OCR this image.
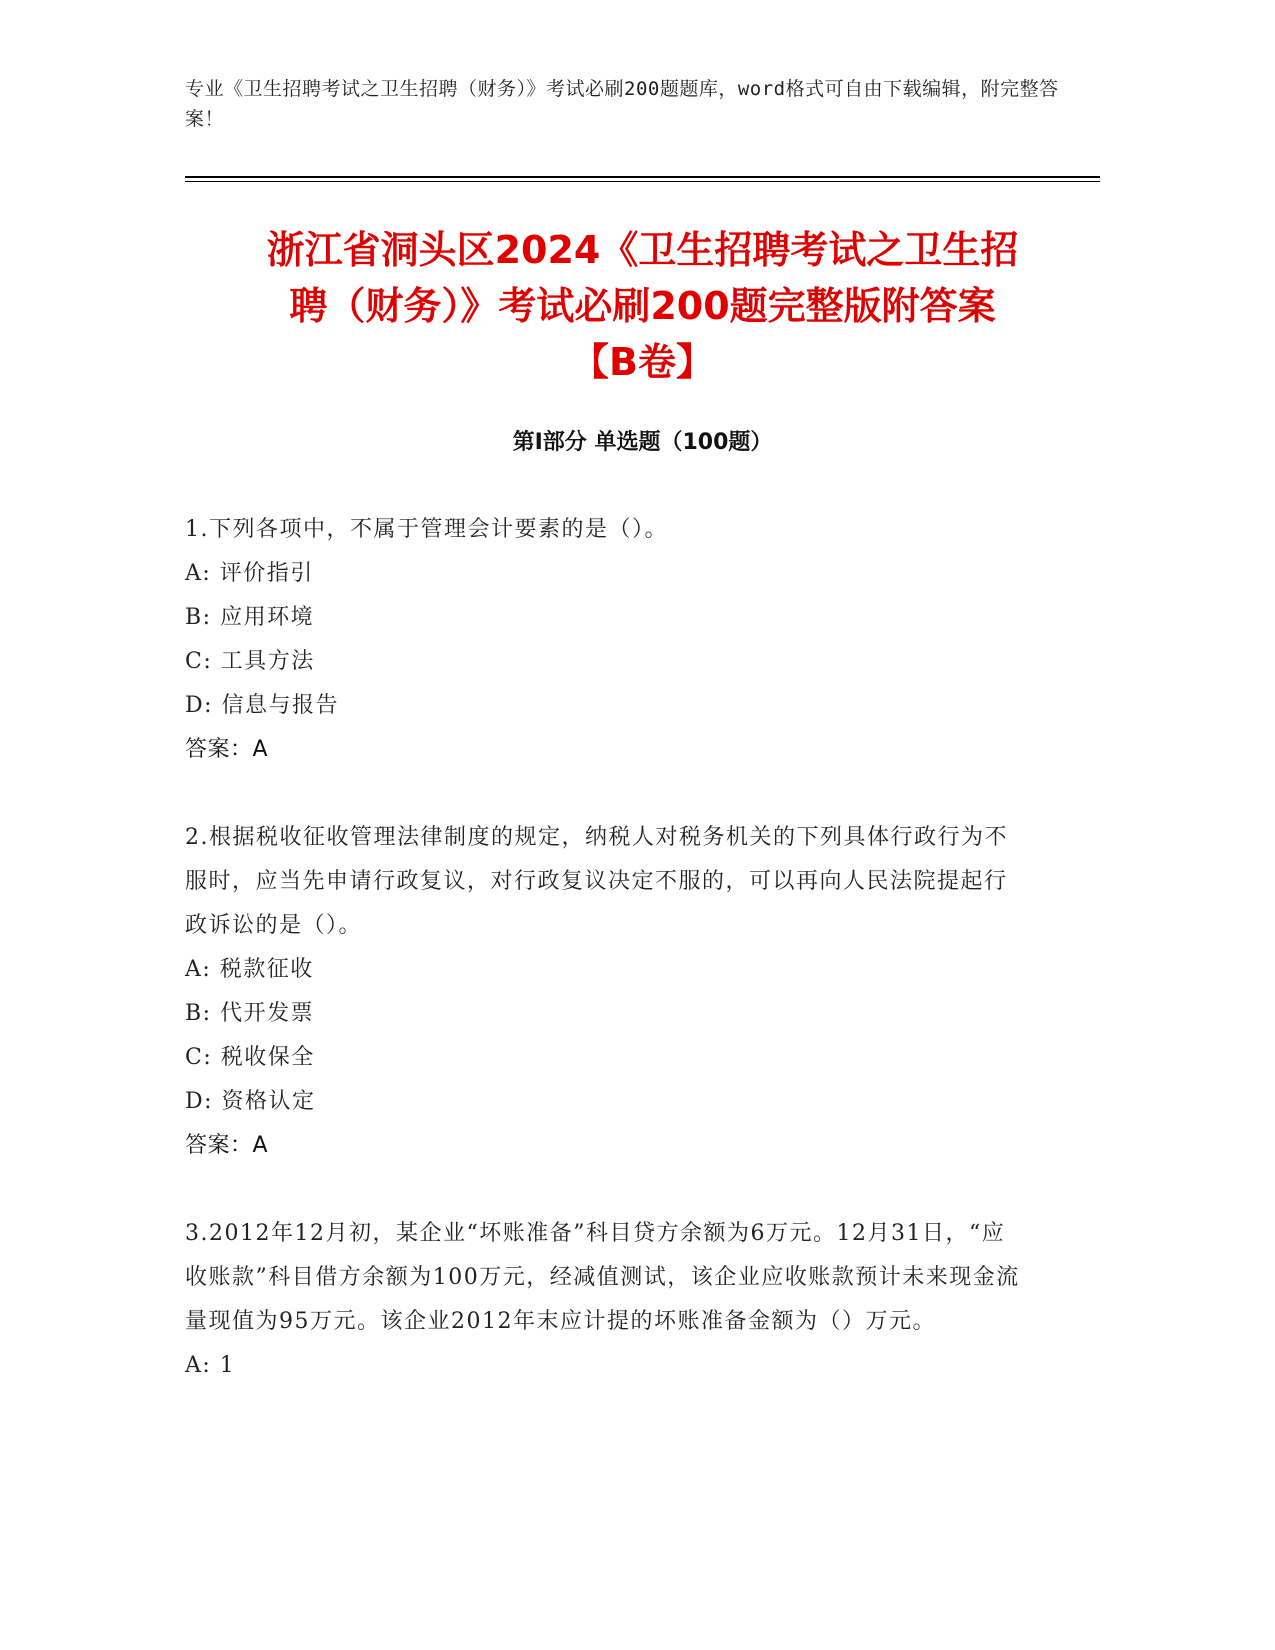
专业《卫生招聘考试之卫生招聘（财务）》考试必刷200题题库，word格式可自由下载编辑，附完整答案！
浙江省洞头区2024《卫生招聘考试之卫生招
聘（财务）》考试必刷200题完整版附答案
【B卷】
第I部分 单选题（100题）

1.下列各项中，不属于管理会计要素的是（）。

A: 评价指引

B: 应用环境

C: 工具方法

D: 信息与报告

答案：A

2.根据税收征收管理法律制度的规定，纳税人对税务机关的下列具体行政行为不服时，应当先申请行政复议，对行政复议决定不服的，可以再向人民法院提起行政诉讼的是（）。

A: 税款征收

B: 代开发票

C: 税收保全

D: 资格认定

答案：A

3.2012年12月初，某企业“坏账准备”科目贷方余额为6万元。12月31日，“应收账款”科目借方余额为100万元，经减值测试，该企业应收账款预计未来现金流量现值为95万元。该企业2012年末应计提的坏账准备金额为（）万元。

A: 1
